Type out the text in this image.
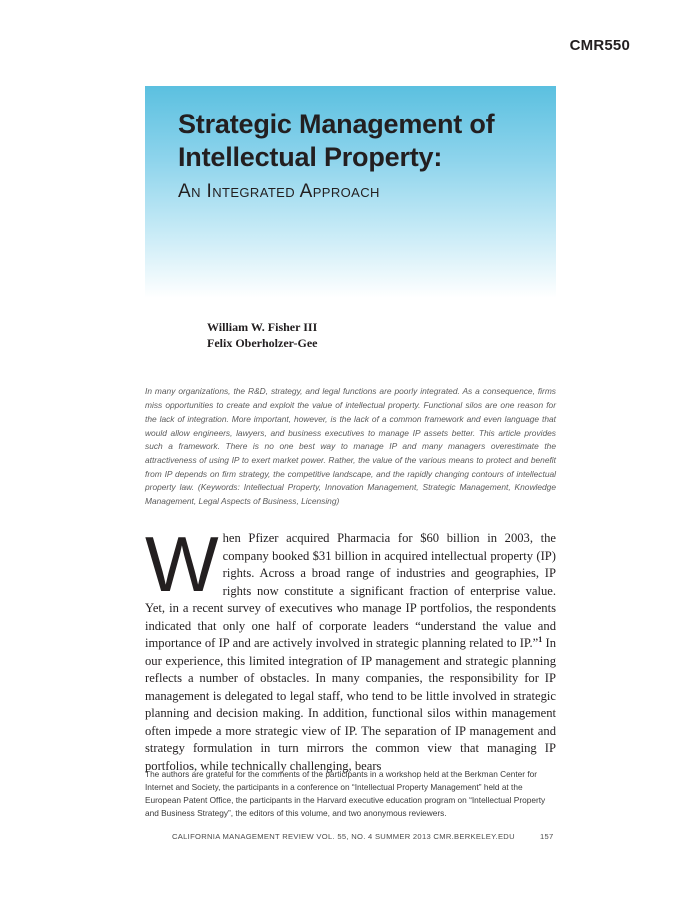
CMR550
Strategic Management of
Intellectual Property:
An Integrated Approach
William W. Fisher III
Felix Oberholzer-Gee

In many organizations, the R&D, strategy, and legal functions are poorly integrated. As a consequence, firms miss opportunities to create and exploit the value of intellectual property. Functional silos are one reason for the lack of integration. More important, however, is the lack of a common framework and even language that would allow engineers, lawyers, and business executives to manage IP assets better. This article provides such a framework. There is no one best way to manage IP and many managers overestimate the attractiveness of using IP to exert market power. Rather, the value of the various means to protect and benefit from IP depends on firm strategy, the competitive landscape, and the rapidly changing contours of intellectual property law. (Keywords: Intellectual Property, Innovation Management, Strategic Management, Knowledge Management, Legal Aspects of Business, Licensing)

When Pfizer acquired Pharmacia for $60 billion in 2003, the company booked $31 billion in acquired intellectual property (IP) rights. Across a broad range of industries and geographies, IP rights now constitute a significant fraction of enterprise value. Yet, in a recent survey of executives who manage IP portfolios, the respondents indicated that only one half of corporate leaders “understand the value and importance of IP and are actively involved in strategic planning related to IP.”$^1$ In our experience, this limited integration of IP management and strategic planning reflects a number of obstacles. In many companies, the responsibility for IP management is delegated to legal staff, who tend to be little involved in strategic planning and decision making. In addition, functional silos within management often impede a more strategic view of IP. The separation of IP management and strategy formulation in turn mirrors the common view that managing IP portfolios, while technically challenging, bears

The authors are grateful for the comments of the participants in a workshop held at the Berkman Center for Internet and Society, the participants in a conference on “Intellectual Property Management” held at the European Patent Office, the participants in the Harvard executive education program on “Intellectual Property and Business Strategy”, the editors of this volume, and two anonymous reviewers.

CALIFORNIA MANAGEMENT REVIEW VOL. 55, NO. 4 SUMMER 2013 CMR.BERKELEY.EDU	157
